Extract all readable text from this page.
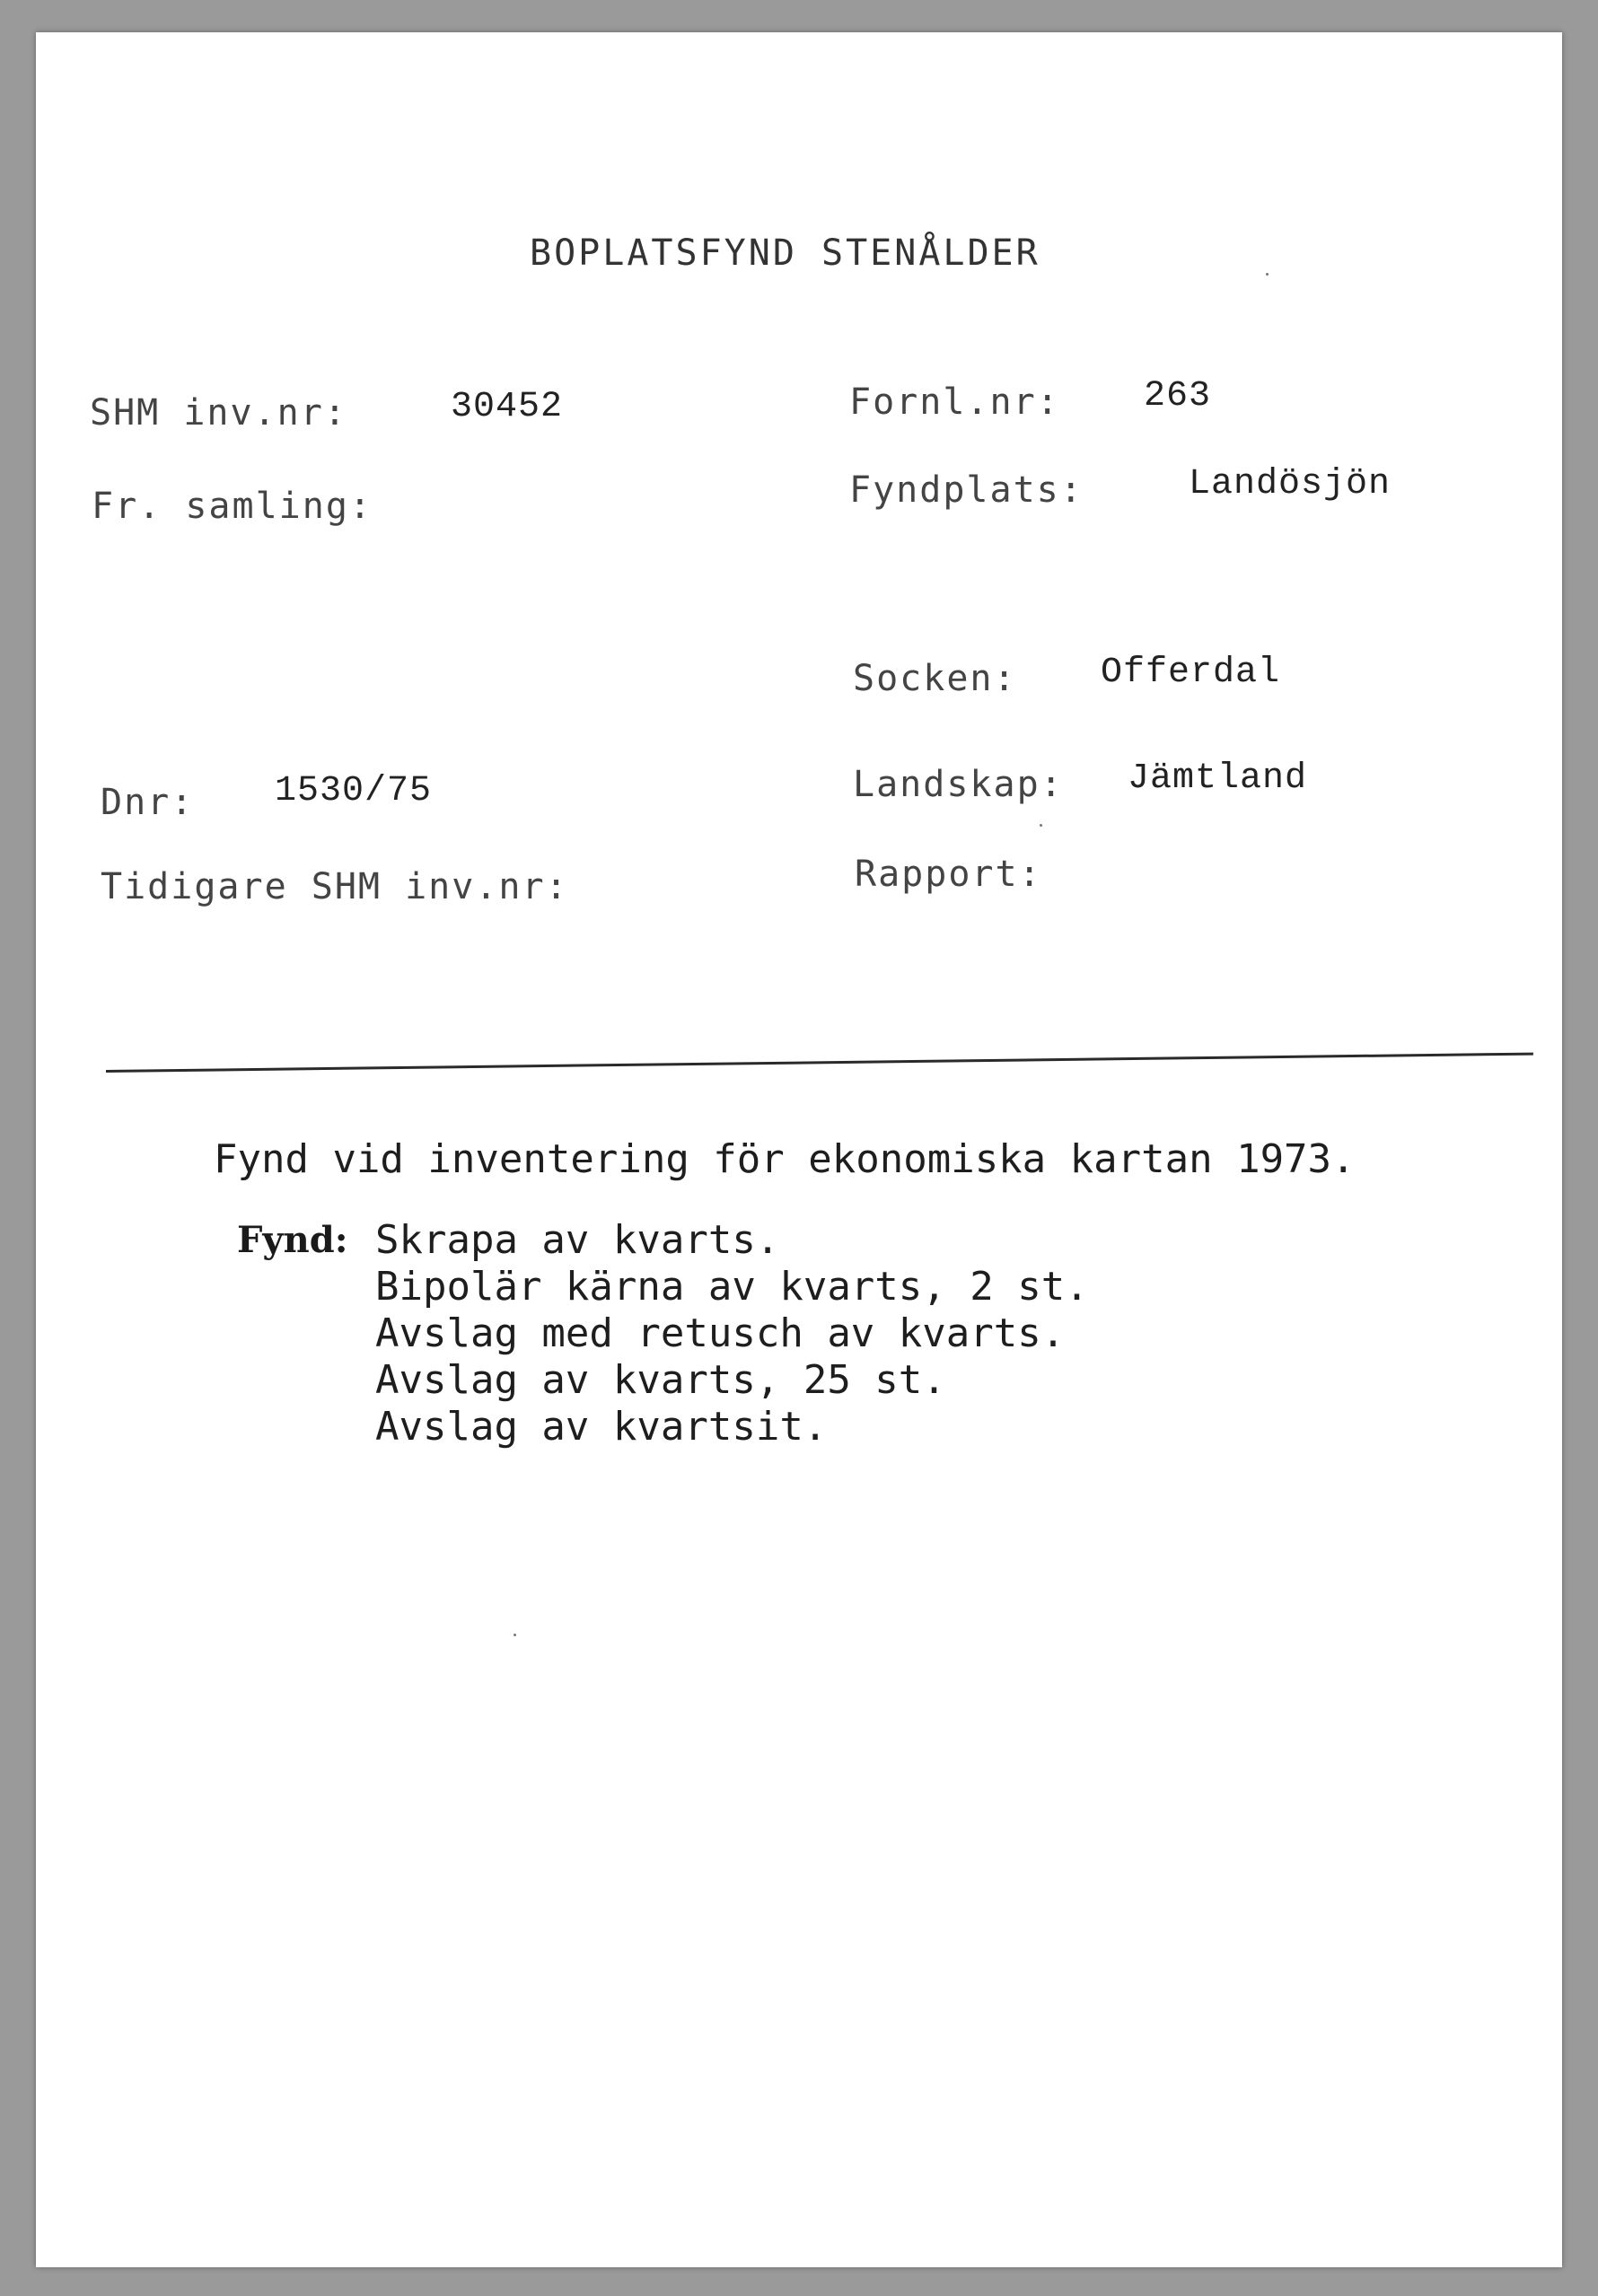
BOPLATSFYND STENÅLDER
SHM inv.nr:	30452	Fornl.nr: 263
Fr. samling:	Fyndplats:	Landösjön
Socken: Offerdal
Dnr: 1530/75	Landskap: Jämtland
Tidigare SHM inv.nr:	Rapport:
Fynd vid inventering för ekonomiska kartan 1973.
Fynd: Skrapa av kvarts.
Bipolär kärna av kvarts, 2 st.
Avslag med retusch av kvarts.
Avslag av kvarts, 25 st.
Avslag av kvartsit.
